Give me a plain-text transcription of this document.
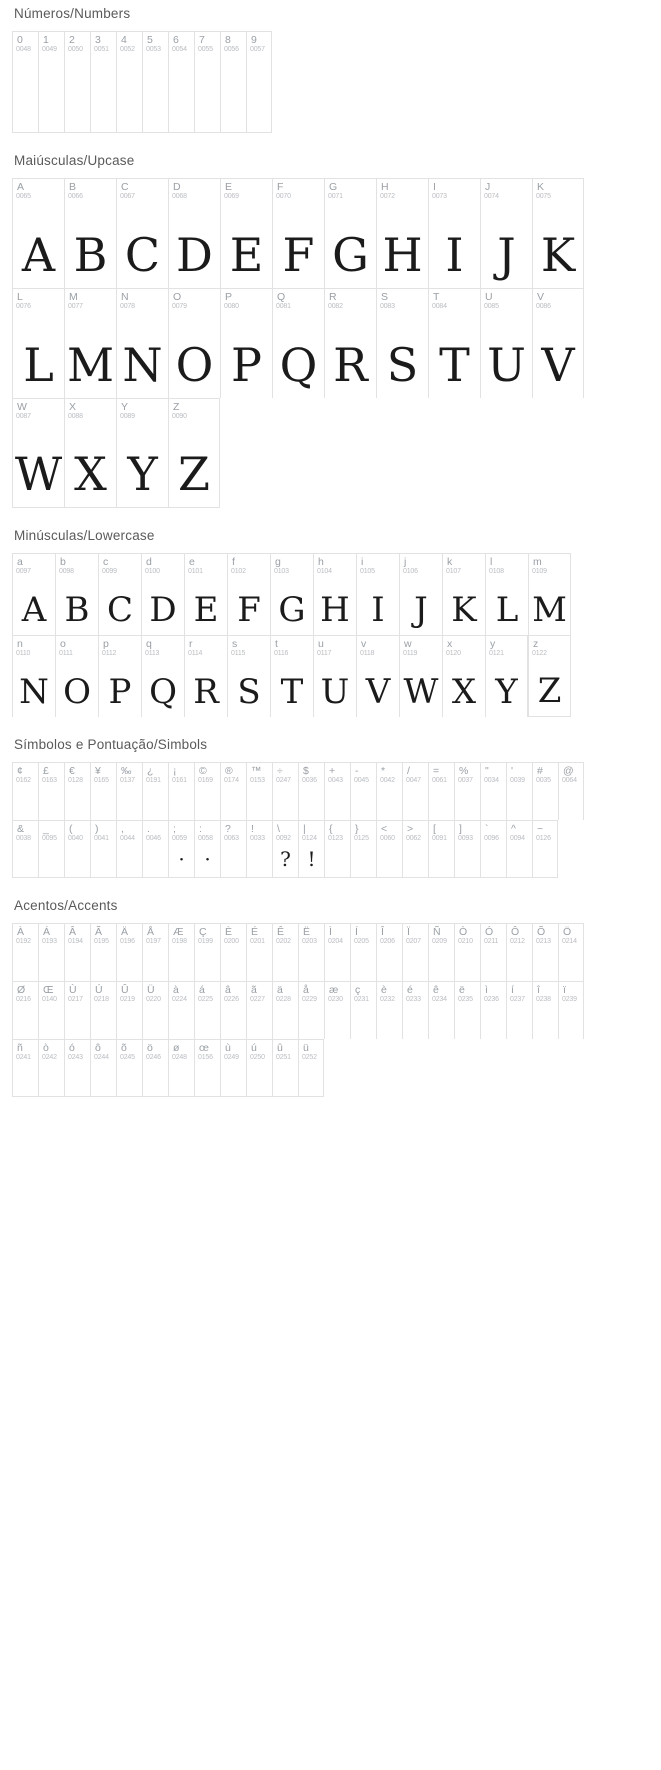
Números/Numbers
0
0048
1
0049
2
0050
3
0051
4
0052
5
0053
6
0054
7
0055
8
0056
9
0057
Maiúsculas/Upcase
A
0065
A
B
0066
B
C
0067
C
D
0068
D
E
0069
E
F
0070
F
G
0071
G
H
0072
H
I
0073
I
J
0074
J
K
0075
K
L
0076
L
M
0077
M
N
0078
N
O
0079
O
P
0080
P
Q
0081
Q
R
0082
R
S
0083
S
T
0084
T
U
0085
U
V
0086
V
W
0087
W
X
0088
X
Y
0089
Y
Z
0090
Z
Minúsculas/Lowercase
a
0097
A
b
0098
B
c
0099
C
d
0100
D
e
0101
E
f
0102
F
g
0103
G
h
0104
H
i
0105
I
j
0106
J
k
0107
K
l
0108
L
m
0109
M
n
0110
N
o
0111
O
p
0112
P
q
0113
Q
r
0114
R
s
0115
S
t
0116
T
u
0117
U
v
0118
V
w
0119
W
x
0120
X
y
0121
Y
z
0122
Z
Símbolos e Pontuação/Simbols
¢
0162
£
0163
€
0128
¥
0165
‰
0137
¿
0191
¡
0161
©
0169
®
0174
™
0153
÷
0247
$
0036
+
0043
-
0045
*
0042
/
0047
=
0061
%
0037
"
0034
'
0039
#
0035
@
0064
&
0038
_
0095
(
0040
)
0041
,
0044
.
0046
;
0059
·
:
0058
·
?
0063
!
0033
\
0092
?
|
0124
!
{
0123
}
0125
<
0060
>
0062
[
0091
]
0093
`
0096
^
0094
~
0126
Acentos/Accents
À
0192
Á
0193
Â
0194
Ã
0195
Ä
0196
Å
0197
Æ
0198
Ç
0199
È
0200
É
0201
Ê
0202
Ë
0203
Ì
0204
Í
0205
Î
0206
Ï
0207
Ñ
0209
Ò
0210
Ó
0211
Ô
0212
Õ
0213
Ö
0214
Ø
0216
Œ
0140
Ù
0217
Ú
0218
Û
0219
Ü
0220
à
0224
á
0225
â
0226
ã
0227
ä
0228
å
0229
æ
0230
ç
0231
è
0232
é
0233
ê
0234
ë
0235
ì
0236
í
0237
î
0238
ï
0239
ñ
0241
ò
0242
ó
0243
ô
0244
õ
0245
ö
0246
ø
0248
œ
0156
ù
0249
ú
0250
û
0251
ü
0252
